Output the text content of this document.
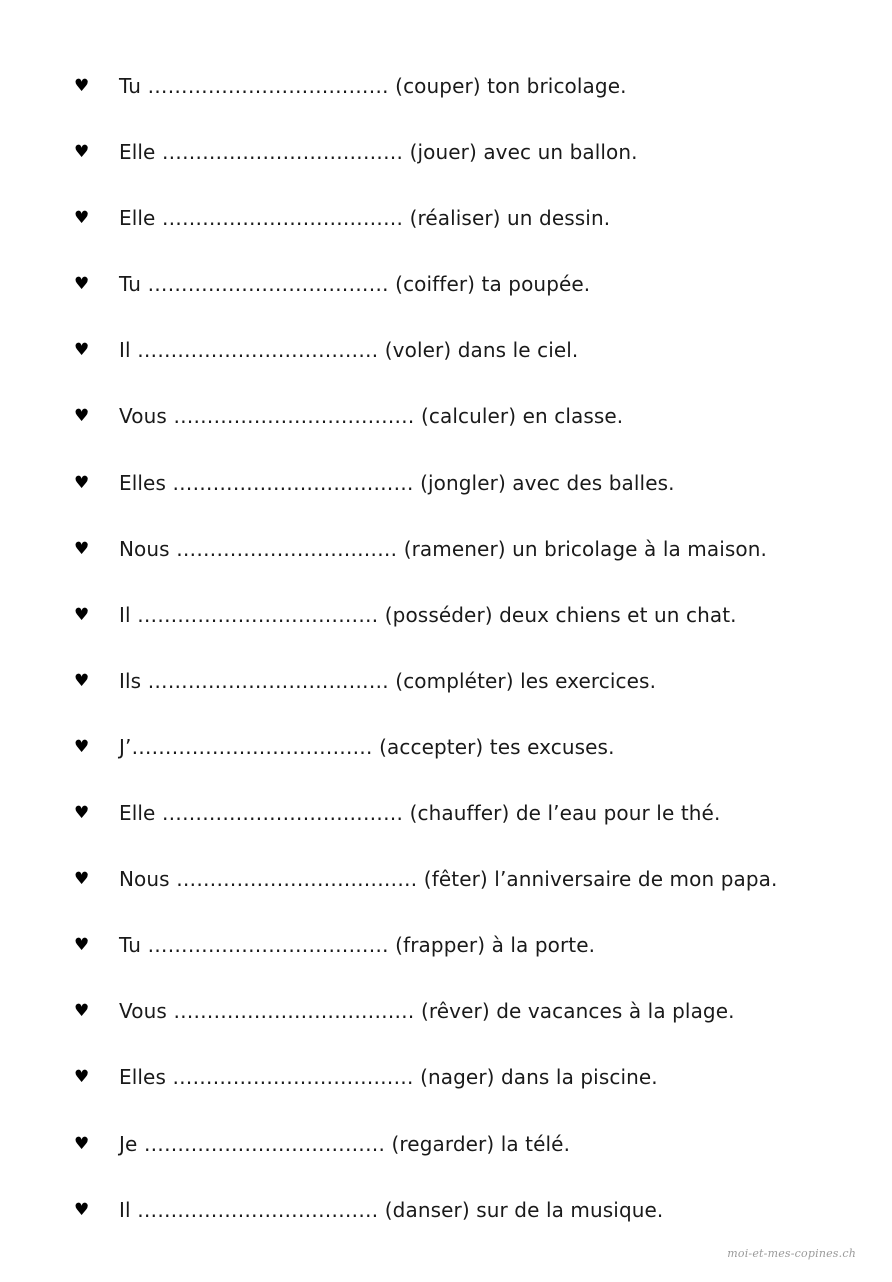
♥	Tu ……………………………… (couper) ton bricolage.
♥	Elle ……………………………… (jouer) avec un ballon.
♥	Elle ……………………………… (réaliser) un dessin.
♥	Tu ……………………………… (coiffer) ta poupée.
♥	Il ……………………………… (voler) dans le ciel.
♥	Vous ……………………………… (calculer) en classe.
♥	Elles ……………………………… (jongler) avec des balles.
♥	Nous …………………………… (ramener) un bricolage à la maison.
♥	Il ……………………………… (posséder) deux chiens et un chat.
♥	Ils ……………………………… (compléter) les exercices.
♥	J’……………………………… (accepter) tes excuses.
♥	Elle ……………………………… (chauffer) de l’eau pour le thé.
♥	Nous ……………………………… (fêter) l’anniversaire de mon papa.
♥	Tu ……………………………… (frapper) à la porte.
♥	Vous ……………………………… (rêver) de vacances à la plage.
♥	Elles ……………………………… (nager) dans la piscine.
♥	Je ……………………………… (regarder) la télé.
♥	Il ……………………………… (danser) sur de la musique.
moi-et-mes-copines.ch
